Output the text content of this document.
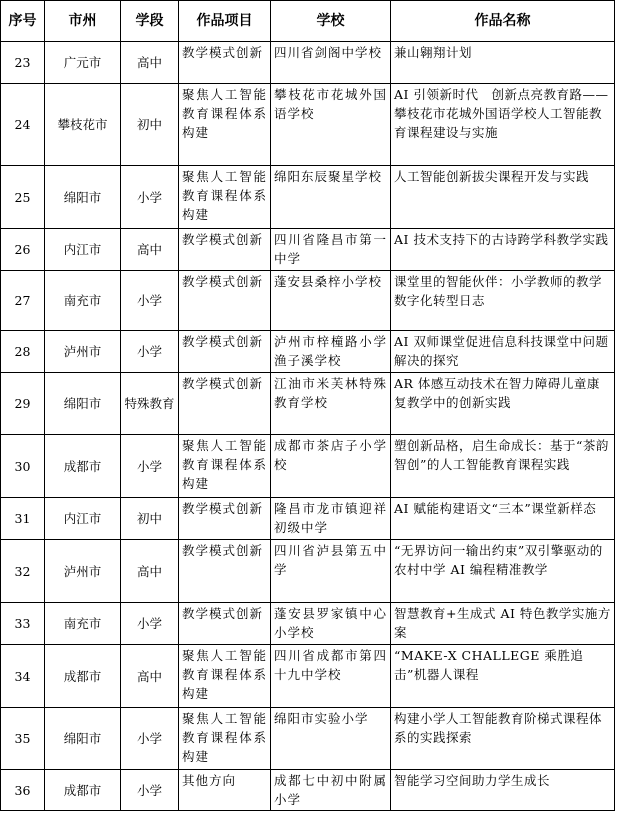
序号	市州	学段	作品项目	学校	作品名称
23	广元市	高中	教学模式创新	四川省剑阁中学校	兼山翱翔计划
24	攀枝花市	初中	聚焦人工智能教育课程体系构建	攀枝花市花城外国语学校	AI 引领新时代　创新点亮教育路——攀枝花市花城外国语学校人工智能教育课程建设与实施
25	绵阳市	小学	聚焦人工智能教育课程体系构建	绵阳东辰聚星学校	人工智能创新拔尖课程开发与实践
26	内江市	高中	教学模式创新	四川省隆昌市第一中学	AI 技术支持下的古诗跨学科教学实践
27	南充市	小学	教学模式创新	蓬安县桑梓小学校	课堂里的智能伙伴：小学教师的教学数字化转型日志
28	泸州市	小学	教学模式创新	泸州市梓橦路小学渔子溪学校	AI 双师课堂促进信息科技课堂中问题解决的探究
29	绵阳市	特殊教育	教学模式创新	江油市米芙林特殊教育学校	AR 体感互动技术在智力障碍儿童康复教学中的创新实践
30	成都市	小学	聚焦人工智能教育课程体系构建	成都市茶店子小学校	塑创新品格，启生命成长：基于“茶韵智创”的人工智能教育课程实践
31	内江市	初中	教学模式创新	隆昌市龙市镇迎祥初级中学	AI 赋能构建语文“三本”课堂新样态
32	泸州市	高中	教学模式创新	四川省泸县第五中学	“无界访问一输出约束”双引擎驱动的农村中学 AI 编程精准教学
33	南充市	小学	教学模式创新	蓬安县罗家镇中心小学校	智慧教育+生成式 AI 特色教学实施方案
34	成都市	高中	聚焦人工智能教育课程体系构建	四川省成都市第四十九中学校	“MAKE-X CHALLEGE 乘胜追击”机器人课程
35	绵阳市	小学	聚焦人工智能教育课程体系构建	绵阳市实验小学	构建小学人工智能教育阶梯式课程体系的实践探索
36	成都市	小学	其他方向	成都七中初中附属小学	智能学习空间助力学生成长
